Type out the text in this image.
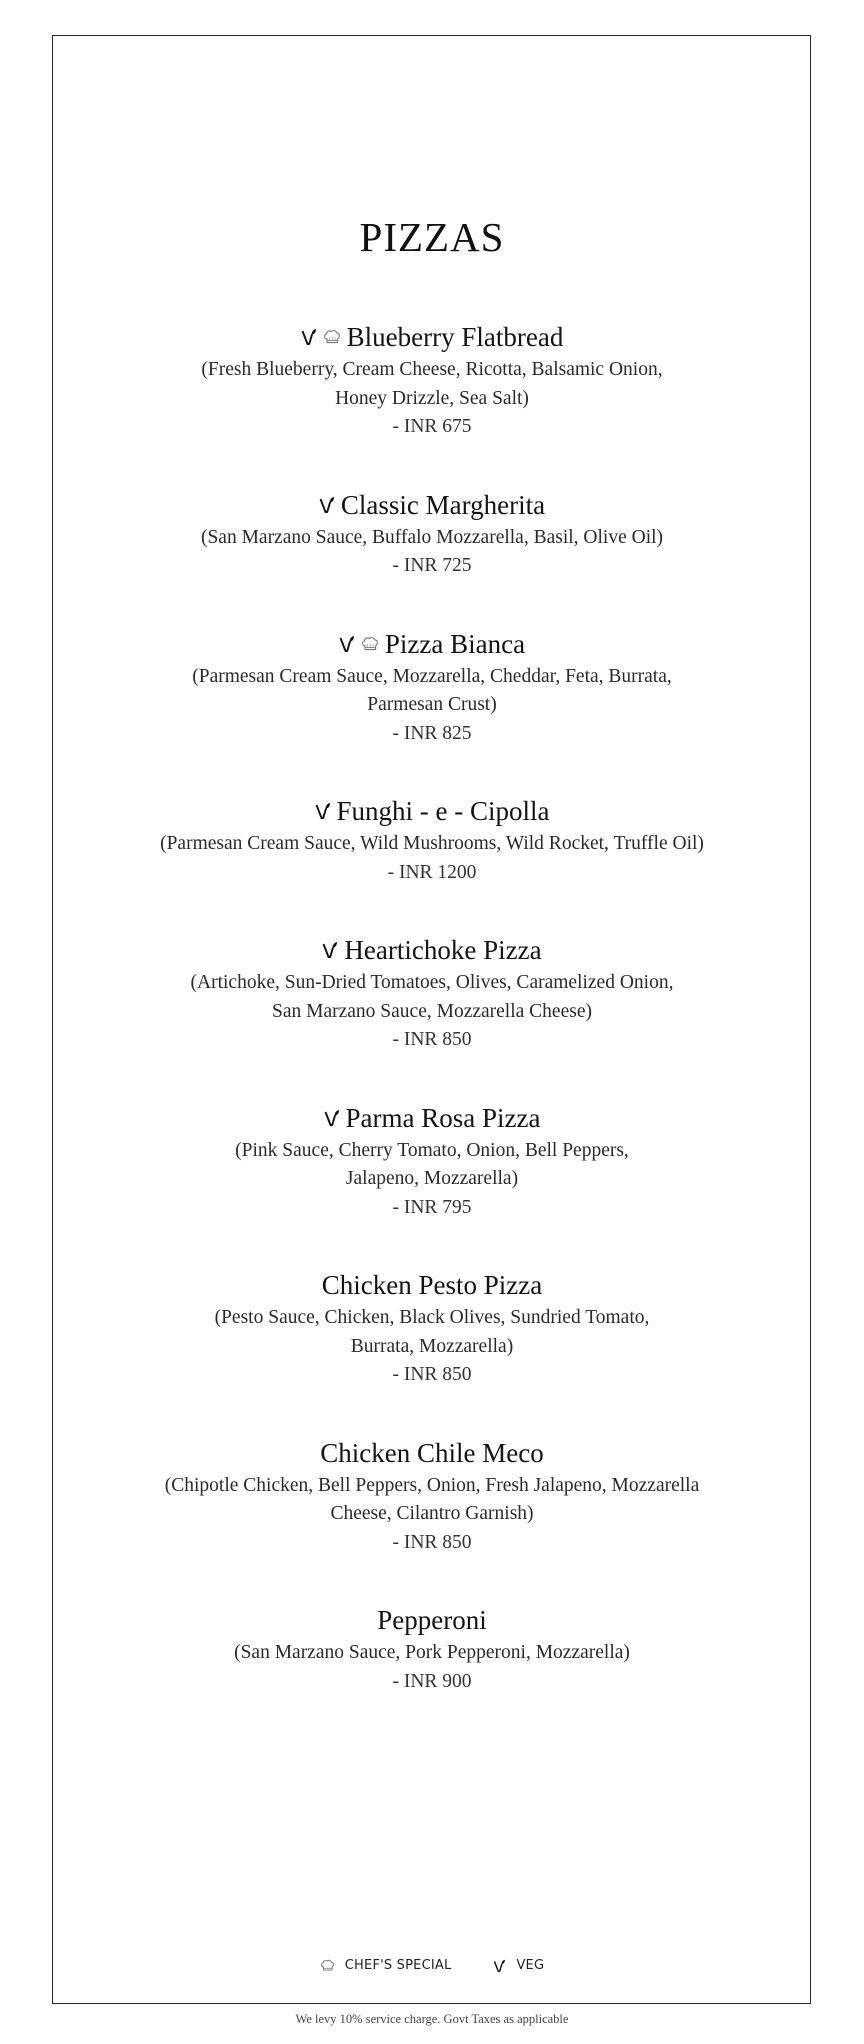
PIZZAS
Blueberry Flatbread
(Fresh Blueberry, Cream Cheese, Ricotta, Balsamic Onion,
Honey Drizzle, Sea Salt)
- INR 675
Classic Margherita
(San Marzano Sauce, Buffalo Mozzarella, Basil, Olive Oil)
- INR 725
Pizza Bianca
(Parmesan Cream Sauce, Mozzarella, Cheddar, Feta, Burrata,
Parmesan Crust)
- INR 825
Funghi - e - Cipolla
(Parmesan Cream Sauce, Wild Mushrooms, Wild Rocket, Truffle Oil)
- INR 1200
Heartichoke Pizza
(Artichoke, Sun-Dried Tomatoes, Olives, Caramelized Onion,
San Marzano Sauce, Mozzarella Cheese)
- INR 850
Parma Rosa Pizza
(Pink Sauce, Cherry Tomato, Onion, Bell Peppers,
Jalapeno, Mozzarella)
- INR 795
Chicken Pesto Pizza
(Pesto Sauce, Chicken, Black Olives, Sundried Tomato,
Burrata, Mozzarella)
- INR 850
Chicken Chile Meco
(Chipotle Chicken, Bell Peppers, Onion, Fresh Jalapeno, Mozzarella
Cheese, Cilantro Garnish)
- INR 850
Pepperoni
(San Marzano Sauce, Pork Pepperoni, Mozzarella)
- INR 900
CHEF'S SPECIAL	VEG
We levy 10% service charge. Govt Taxes as applicable
